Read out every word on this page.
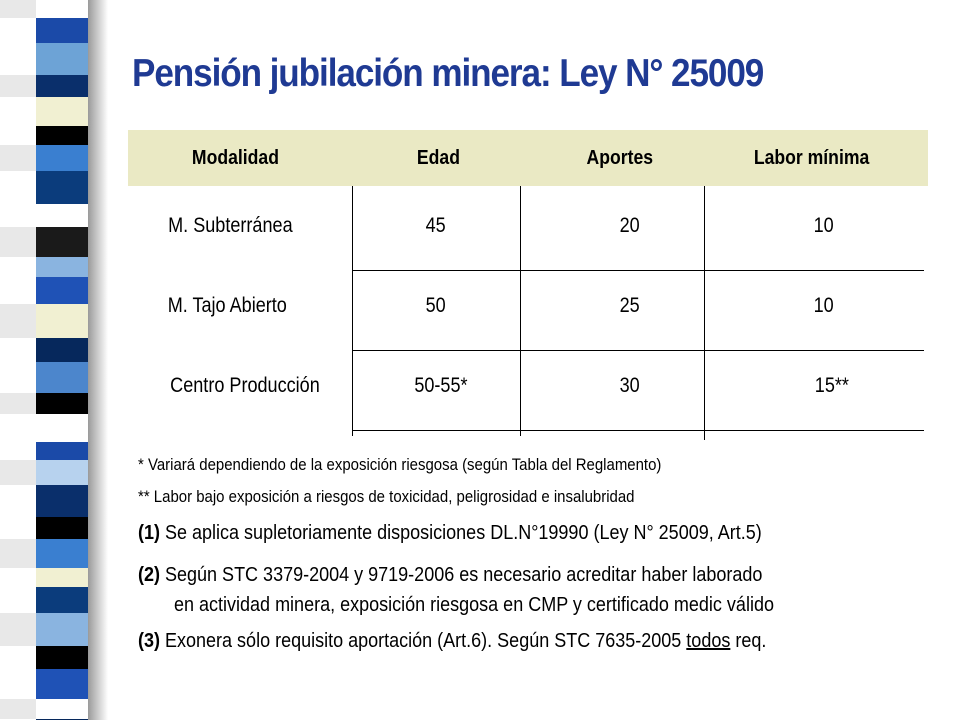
Pensión jubilación minera: Ley N° 25009
Modalidad	Edad	Aportes	Labor mínima
M. Subterránea	45	20	10
M. Tajo Abierto	50	25	10
Centro Producción	50-55*	30	15**
* Variará dependiendo de la exposición riesgosa (según Tabla del Reglamento)
** Labor bajo exposición a riesgos de toxicidad, peligrosidad e insalubridad
(1) Se aplica supletoriamente disposiciones DL.N°19990 (Ley N° 25009, Art.5)
(2) Según STC 3379-2004 y 9719-2006 es necesario acreditar haber laborado
en actividad minera, exposición riesgosa en CMP y certificado medic válido
(3) Exonera sólo requisito aportación (Art.6). Según STC 7635-2005 todos req.
